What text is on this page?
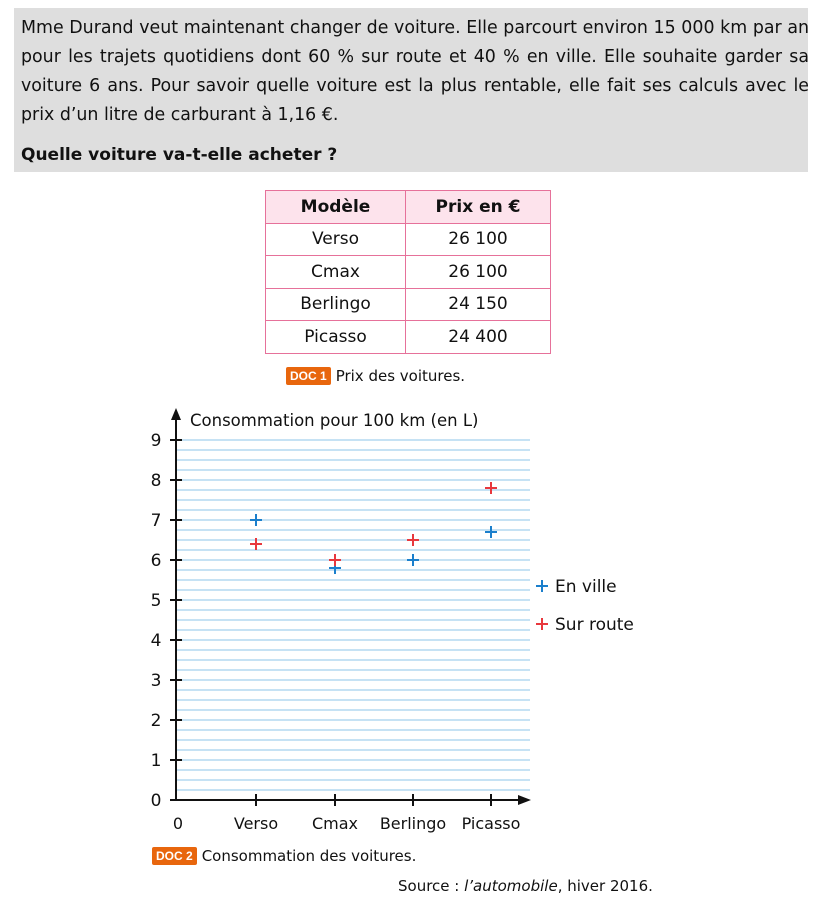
Mme Durand veut maintenant changer de voiture. Elle parcourt environ 15 000 km par an pour les trajets quotidiens dont 60 % sur route et 40 % en ville. Elle souhaite garder sa voiture 6 ans. Pour savoir quelle voiture est la plus rentable, elle fait ses calculs avec le prix d’un litre de carburant à 1,16 €.
Quelle voiture va-t-elle acheter ?
Modèle	Prix en €
Verso	26 100
Cmax	26 100
Berlingo	24 150
Picasso	24 400
DOC 1 Prix des voitures.
0
1
2
3
4
5
6
7
8
9
Verso Cmax Berlingo Picasso
0
Consommation pour 100 km (en L)
En ville
Sur route
DOC 2 Consommation des voitures.
Source : l’automobile, hiver 2016.
